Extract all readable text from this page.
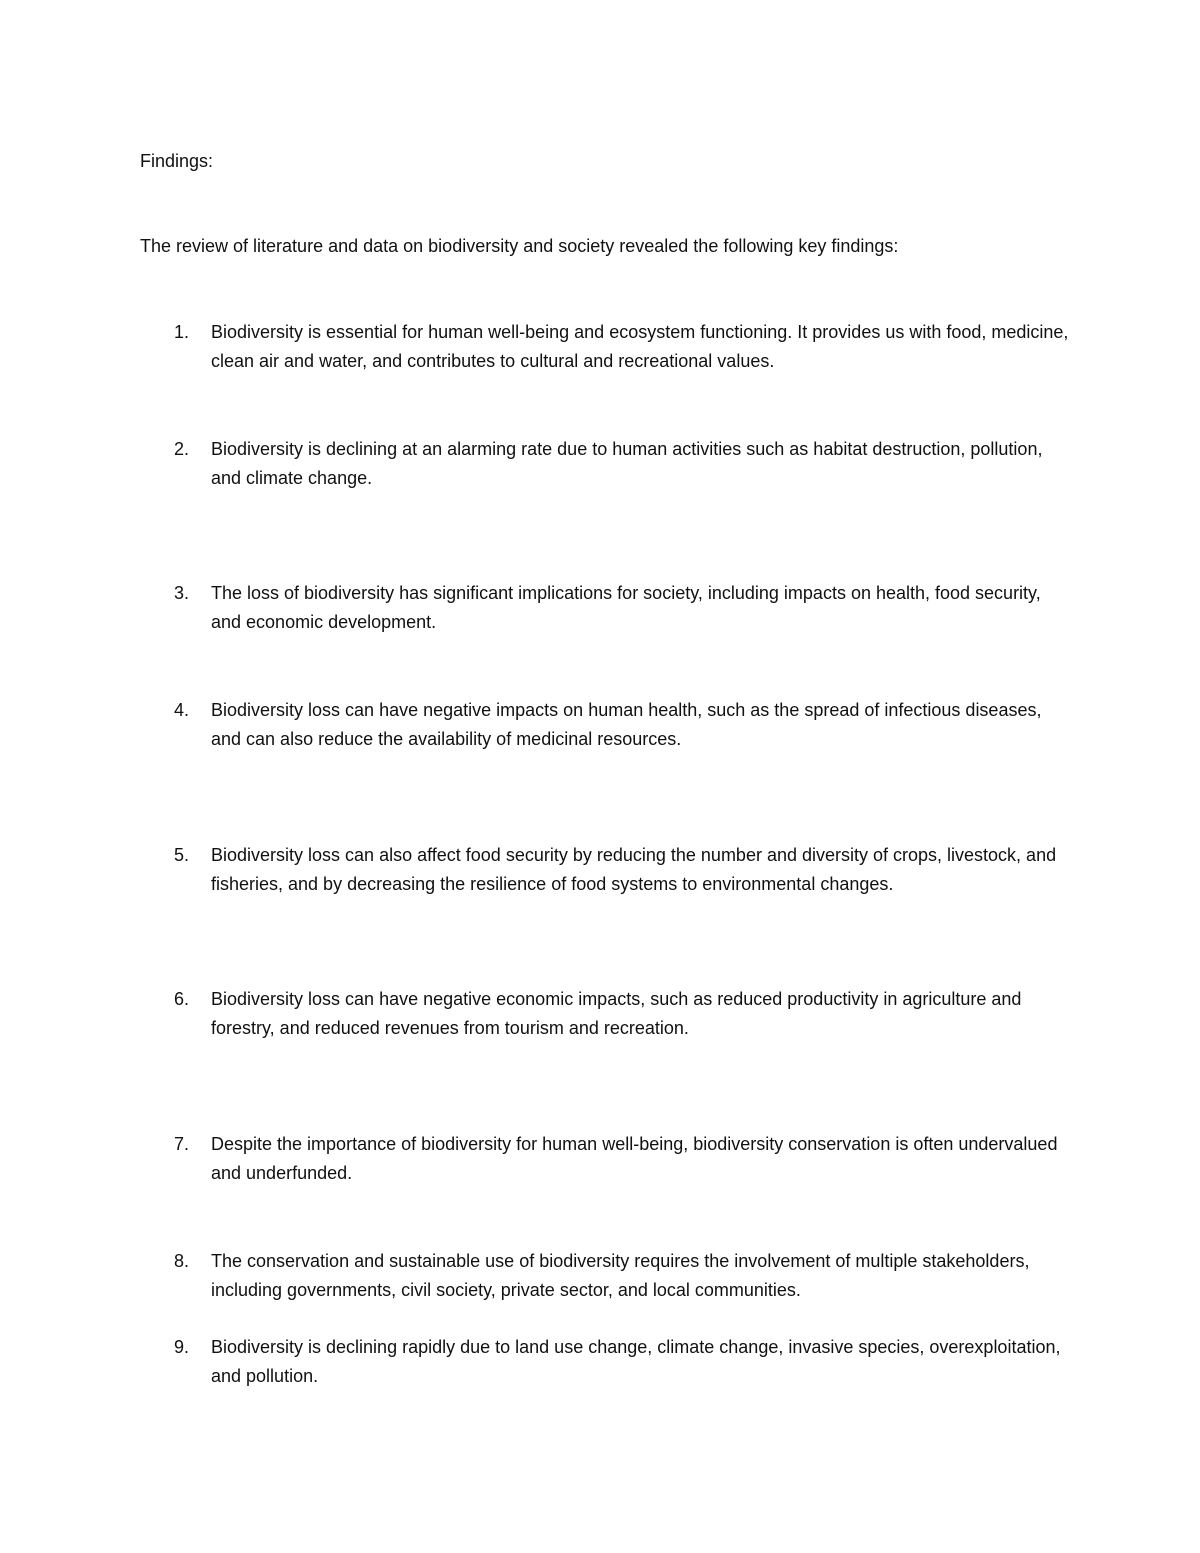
Findings:

The review of literature and data on biodiversity and society revealed the following key findings:

1.	Biodiversity is essential for human well-being and ecosystem functioning. It provides us with food, medicine, clean air and water, and contributes to cultural and recreational values.
2.	Biodiversity is declining at an alarming rate due to human activities such as habitat destruction, pollution, and climate change.
3.	The loss of biodiversity has significant implications for society, including impacts on health, food security, and economic development.
4.	Biodiversity loss can have negative impacts on human health, such as the spread of infectious diseases, and can also reduce the availability of medicinal resources.
5.	Biodiversity loss can also affect food security by reducing the number and diversity of crops, livestock, and fisheries, and by decreasing the resilience of food systems to environmental changes.
6.	Biodiversity loss can have negative economic impacts, such as reduced productivity in agriculture and forestry, and reduced revenues from tourism and recreation.
7.	Despite the importance of biodiversity for human well-being, biodiversity conservation is often undervalued and underfunded.
8.	The conservation and sustainable use of biodiversity requires the involvement of multiple stakeholders, including governments, civil society, private sector, and local communities.
9.	Biodiversity is declining rapidly due to land use change, climate change, invasive species, overexploitation, and pollution.
